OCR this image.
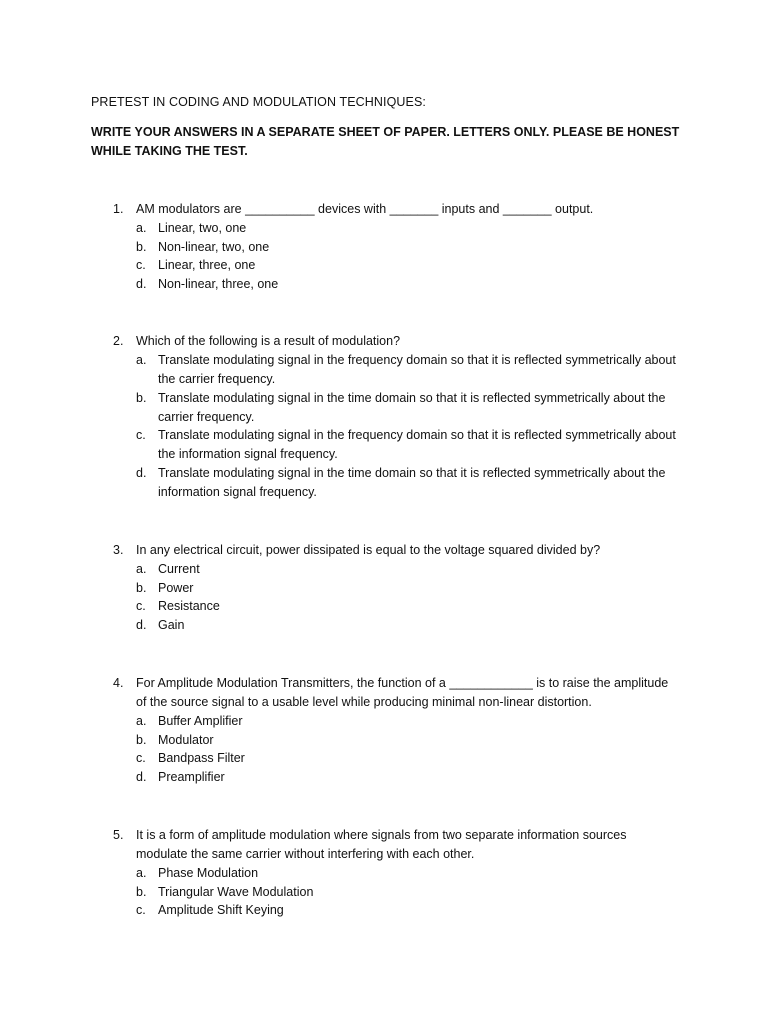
PRETEST IN CODING AND MODULATION TECHNIQUES:
WRITE YOUR ANSWERS IN A SEPARATE SHEET OF PAPER. LETTERS ONLY. PLEASE BE HONEST WHILE TAKING THE TEST.
1. AM modulators are __________ devices with _______ inputs and _______ output.
a. Linear, two, one
b. Non-linear, two, one
c. Linear, three, one
d. Non-linear, three, one
2. Which of the following is a result of modulation?
a. Translate modulating signal in the frequency domain so that it is reflected symmetrically about the carrier frequency.
b. Translate modulating signal in the time domain so that it is reflected symmetrically about the carrier frequency.
c. Translate modulating signal in the frequency domain so that it is reflected symmetrically about the information signal frequency.
d. Translate modulating signal in the time domain so that it is reflected symmetrically about the information signal frequency.
3. In any electrical circuit, power dissipated is equal to the voltage squared divided by?
a. Current
b. Power
c. Resistance
d. Gain
4. For Amplitude Modulation Transmitters, the function of a ____________ is to raise the amplitude of the source signal to a usable level while producing minimal non-linear distortion.
a. Buffer Amplifier
b. Modulator
c. Bandpass Filter
d. Preamplifier
5. It is a form of amplitude modulation where signals from two separate information sources modulate the same carrier without interfering with each other.
a. Phase Modulation
b. Triangular Wave Modulation
c. Amplitude Shift Keying
